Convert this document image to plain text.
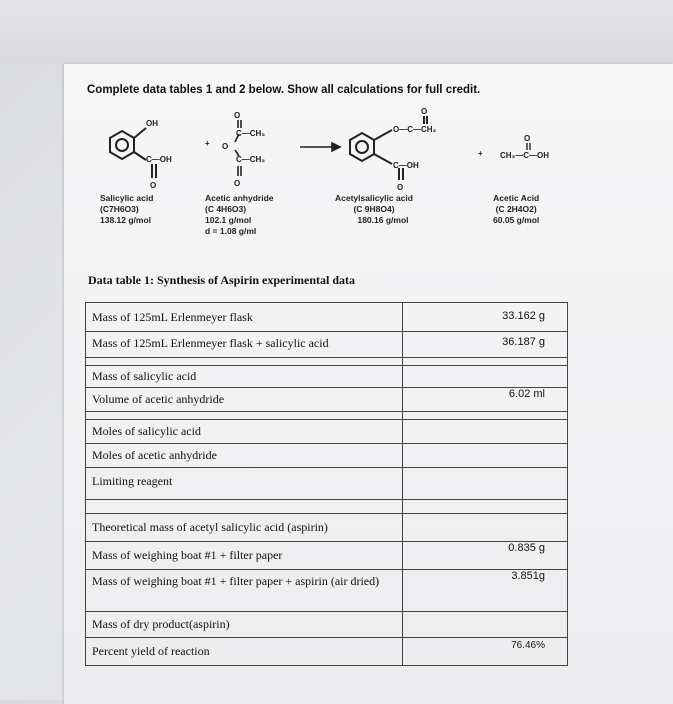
Complete data tables 1 and 2 below. Show all calculations for full credit.
OH
C—OH
O
+
O
C—CH₃
O
C—CH₃
O
O
O—C—CH₃
C—OH
O
+
O
CH₃—C—OH
Salicylic acid
(C7H6O3)
138.12 g/mol
Acetic anhydride
(C 4H6O3)
102.1 g/mol
d = 1.08 g/ml
Acetylsalicylic acid
(C 9H8O4)
180.16 g/mol
Acetic Acid
(C 2H4O2)
60.05 g/mol
Data table 1: Synthesis of Aspirin experimental data
Mass of 125mL Erlenmeyer flask	33.162 g
Mass of 125mL Erlenmeyer flask + salicylic acid	36.187 g

Mass of salicylic acid	
Volume of acetic anhydride	6.02 ml

Moles of salicylic acid	
Moles of acetic anhydride	
Limiting reagent	

Theoretical mass of acetyl salicylic acid (aspirin)	
Mass of weighing boat #1 + filter paper	0.835 g
Mass of weighing boat #1 + filter paper + aspirin (air dried)	3.851g
Mass of dry product(aspirin)	
Percent yield of reaction	76.46%
